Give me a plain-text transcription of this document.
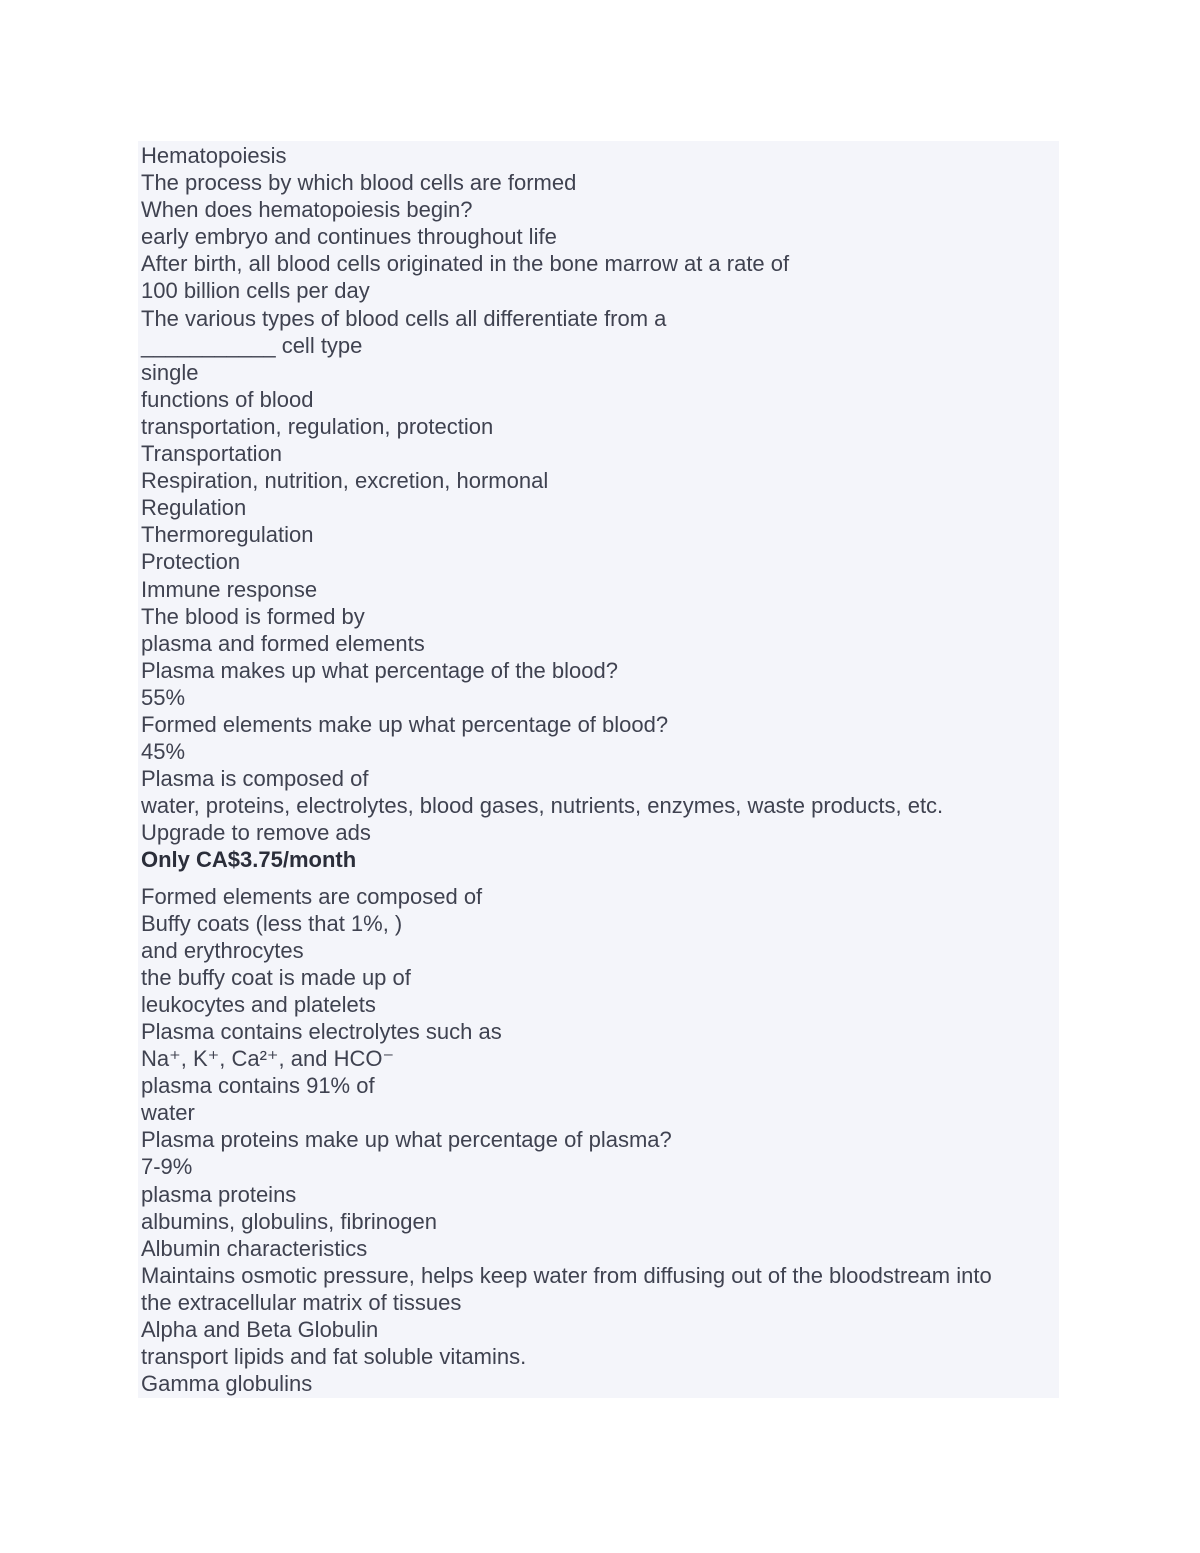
Hematopoiesis

The process by which blood cells are formed

When does hematopoiesis begin?

early embryo and continues throughout life

After birth, all blood cells originated in the bone marrow at a rate of

100 billion cells per day

The various types of blood cells all differentiate from a

___________ cell type

single

functions of blood

transportation, regulation, protection

Transportation

Respiration, nutrition, excretion, hormonal

Regulation

Thermoregulation

Protection

Immune response

The blood is formed by

plasma and formed elements

Plasma makes up what percentage of the blood?

55%

Formed elements make up what percentage of blood?

45%

Plasma is composed of

water, proteins, electrolytes, blood gases, nutrients, enzymes, waste products, etc.

Upgrade to remove ads

Only CA$3.75/month

Formed elements are composed of

Buffy coats (less that 1%, )

and erythrocytes

the buffy coat is made up of

leukocytes and platelets

Plasma contains electrolytes such as

Na⁺, K⁺, Ca²⁺, and HCO⁻

plasma contains 91% of

water

Plasma proteins make up what percentage of plasma?

7-9%

plasma proteins

albumins, globulins, fibrinogen

Albumin characteristics

Maintains osmotic pressure, helps keep water from diffusing out of the bloodstream into

the extracellular matrix of tissues

Alpha and Beta Globulin

transport lipids and fat soluble vitamins.

Gamma globulins
